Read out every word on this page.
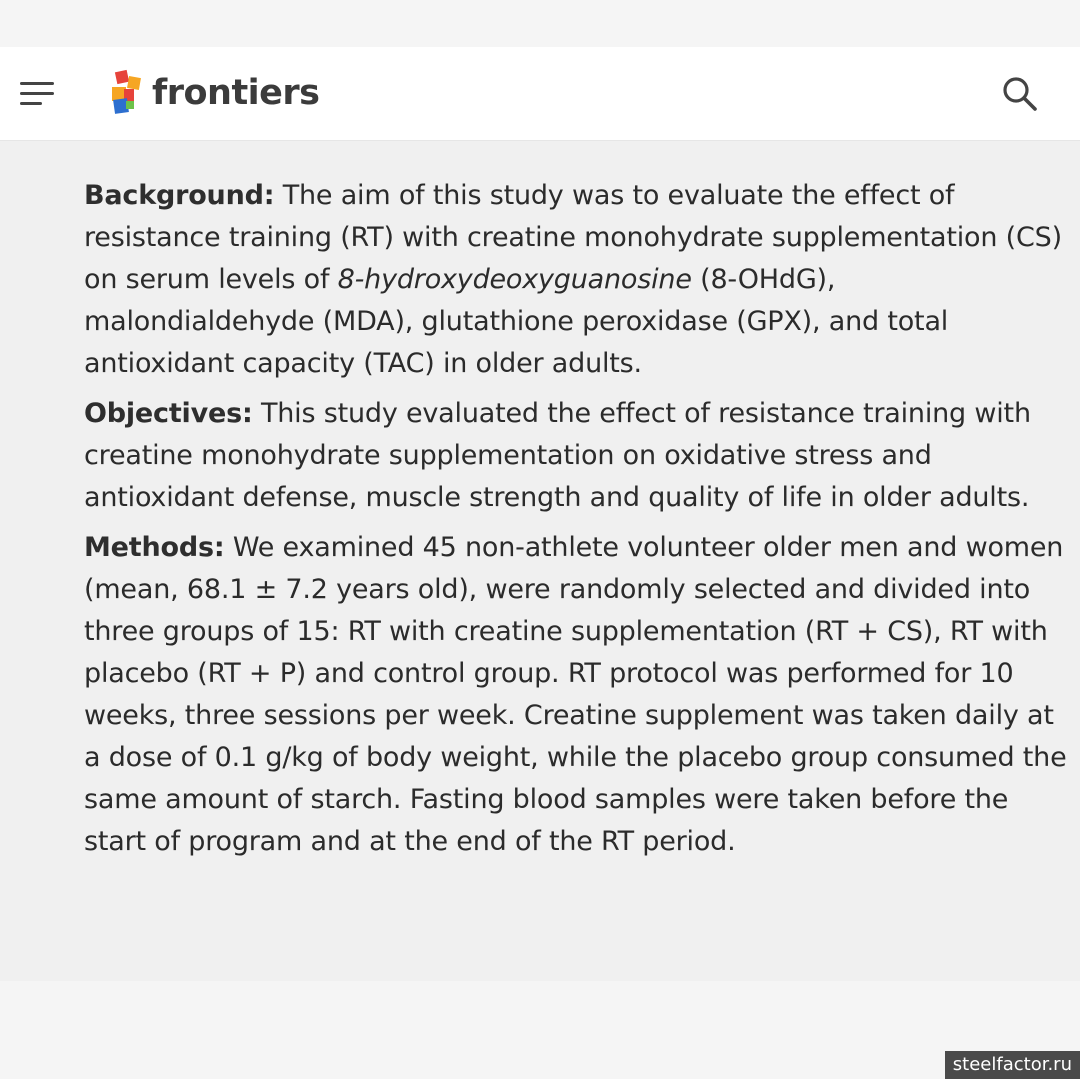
frontiers

Background: The aim of this study was to evaluate the effect of resistance training (RT) with creatine monohydrate supplementation (CS) on serum levels of 8-hydroxydeoxyguanosine (8-OHdG), malondialdehyde (MDA), glutathione peroxidase (GPX), and total antioxidant capacity (TAC) in older adults.

Objectives: This study evaluated the effect of resistance training with creatine monohydrate supplementation on oxidative stress and antioxidant defense, muscle strength and quality of life in older adults.

Methods: We examined 45 non-athlete volunteer older men and women (mean, 68.1 ± 7.2 years old), were randomly selected and divided into three groups of 15: RT with creatine supplementation (RT + CS), RT with placebo (RT + P) and control group. RT protocol was performed for 10 weeks, three sessions per week. Creatine supplement was taken daily at a dose of 0.1 g/kg of body weight, while the placebo group consumed the same amount of starch. Fasting blood samples were taken before the start of program and at the end of the RT period.

steelfactor.ru
